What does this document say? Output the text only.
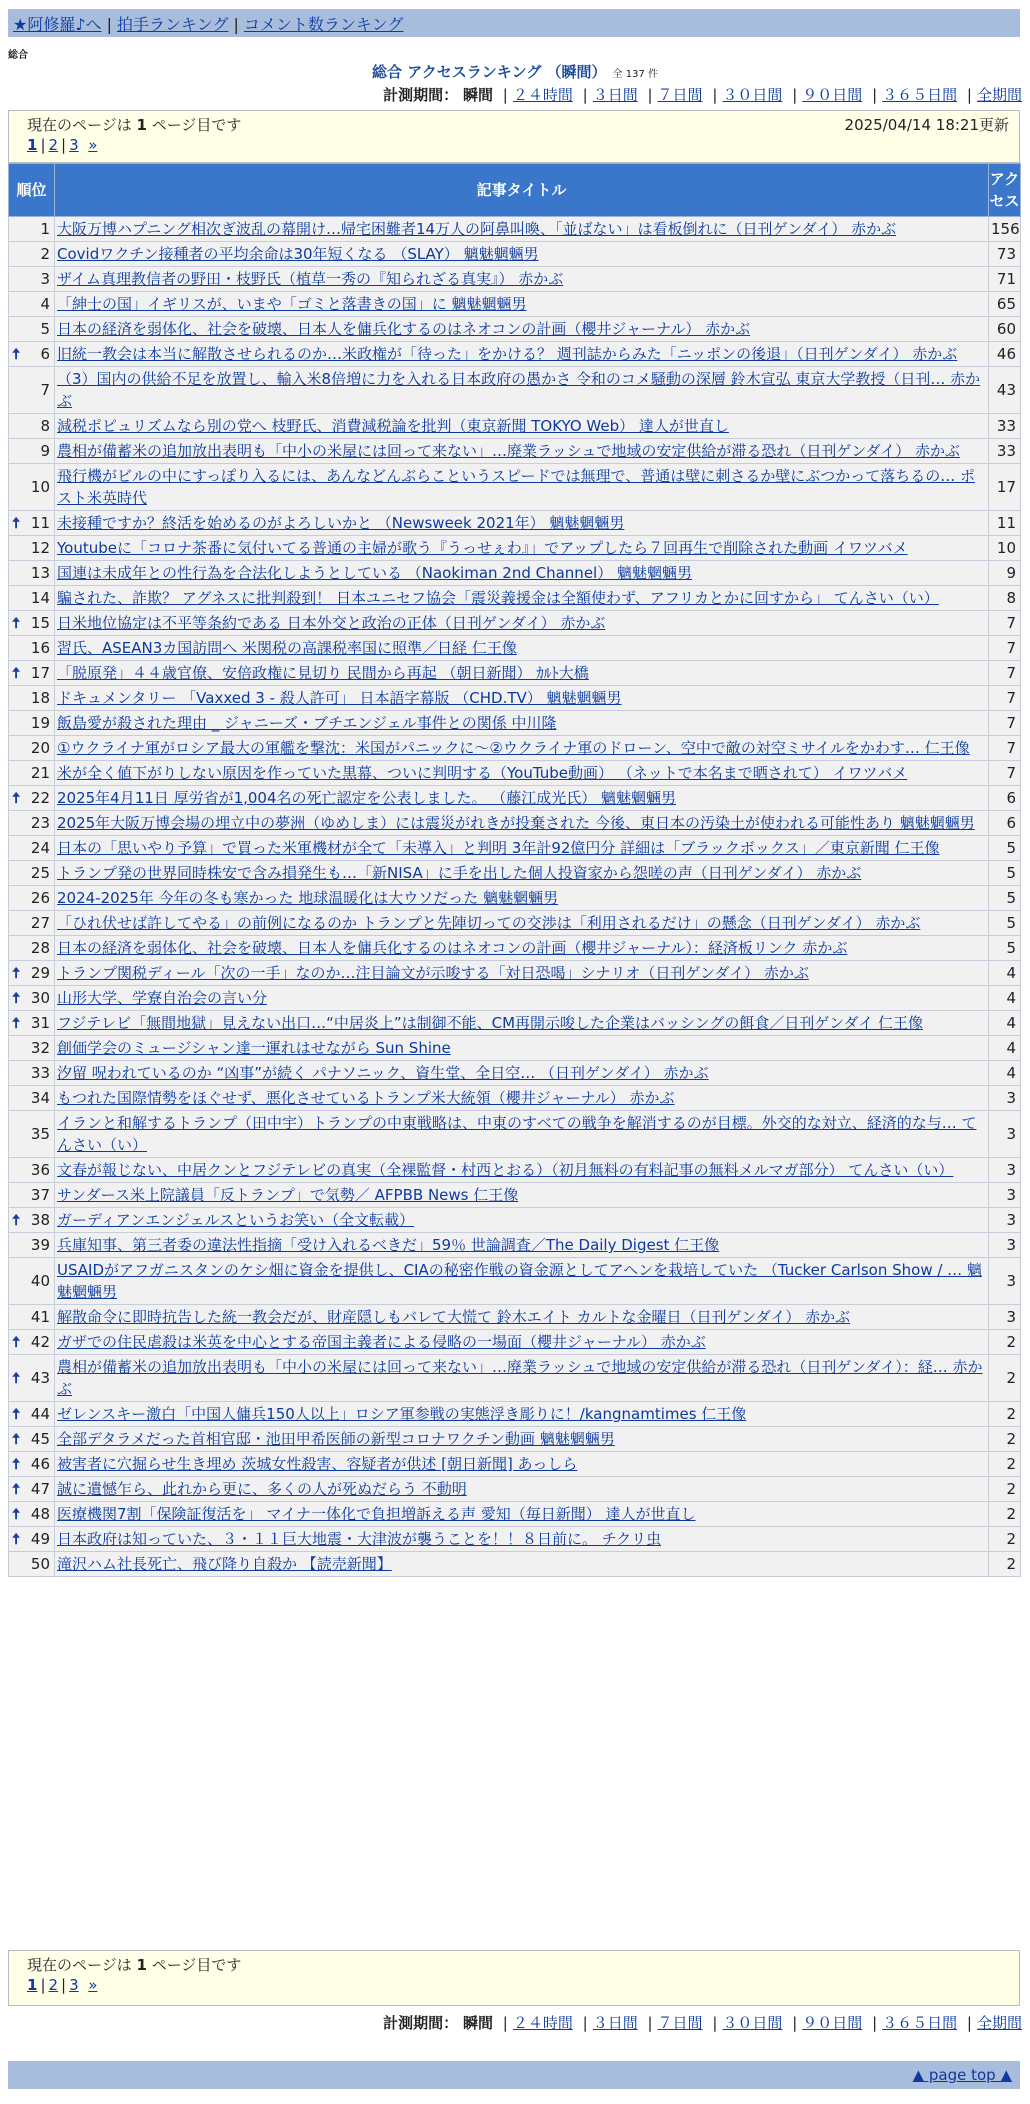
★阿修羅♪へ | 拍手ランキング | コメント数ランキング
総合
総合 アクセスランキング （瞬間） 全 137 件
計測期間： 瞬間 | ２４時間 | ３日間 | ７日間 | ３０日間 | ９０日間 | ３６５日間 | 全期間
現在のページは 1 ページ目です	2025/04/14 18:21更新
1 | 2 | 3 »
順位	記事タイトル	アクセス
1	大阪万博ハプニング相次ぎ波乱の幕開け…帰宅困難者14万人の阿鼻叫喚、「並ばない」は看板倒れに（日刊ゲンダイ） 赤かぶ	156
2	Covidワクチン接種者の平均余命は30年短くなる （SLAY） 魑魅魍魎男	73
3	ザイム真理教信者の野田・枝野氏（植草一秀の『知られざる真実』） 赤かぶ	71
4	「紳士の国」イギリスが、いまや「ゴミと落書きの国」に 魑魅魍魎男	65
5	日本の経済を弱体化、社会を破壊、日本人を傭兵化するのはネオコンの計画（櫻井ジャーナル） 赤かぶ	60

🠅 6	旧統一教会は本当に解散させられるのか…米政権が「待った」をかける？ 週刊誌からみた「ニッポンの後退」（日刊ゲンダイ） 赤かぶ	46
7	（3）国内の供給不足を放置し、輸入米8倍増に力を入れる日本政府の愚かさ 令和のコメ騒動の深層 鈴木宣弘 東京大学教授（日刊… 赤かぶ	43
8	減税ポピュリズムなら別の党へ 枝野氏、消費減税論を批判（東京新聞 TOKYO Web） 達人が世直し	33
9	農相が備蓄米の追加放出表明も「中小の米屋には回って来ない」…廃業ラッシュで地域の安定供給が滞る恐れ（日刊ゲンダイ） 赤かぶ	33
10	飛行機がビルの中にすっぽり入るには、あんなどんぶらこというスピードでは無理で、普通は壁に刺さるか壁にぶつかって落ちるの… ポスト米英時代	17

🠅 11	未接種ですか？終活を始めるのがよろしいかと （Newsweek 2021年） 魑魅魍魎男	11
12	Youtubeに「コロナ茶番に気付いてる普通の主婦が歌う『うっせぇわ』」でアップしたら７回再生で削除された動画 イワツバメ	10
13	国連は未成年との性行為を合法化しようとしている （Naokiman 2nd Channel） 魑魅魍魎男	9
14	騙された、詐欺？ アグネスに批判殺到！ 日本ユニセフ協会「震災義援金は全額使わず、アフリカとかに回すから」 てんさい（い）	8

🠅 15	日米地位協定は不平等条約である 日本外交と政治の正体（日刊ゲンダイ） 赤かぶ	7
16	習氏、ASEAN3カ国訪問へ 米関税の高課税率国に照準／日経 仁王像	7

🠅 17	「脱原発」４４歳官僚、安倍政権に見切り 民間から再起 （朝日新聞） ｶﾙﾄ大橋	7
18	ドキュメンタリー 「Vaxxed 3 - 殺人許可」 日本語字幕版 （CHD.TV） 魑魅魍魎男	7
19	飯島愛が殺された理由 _ ジャニーズ・ブチエンジェル事件との関係 中川隆	7
20	①ウクライナ軍がロシア最大の軍艦を撃沈：米国がパニックに～②ウクライナ軍のドローン、空中で敵の対空ミサイルをかわす… 仁王像	7
21	米が全く値下がりしない原因を作っていた黒幕、ついに判明する（YouTube動画） （ネットで本名まで晒されて） イワツバメ	7

🠅 22	2025年4月11日 厚労省が1,004名の死亡認定を公表しました。 （藤江成光氏） 魑魅魍魎男	6
23	2025年大阪万博会場の埋立中の夢洲（ゆめしま）には震災がれきが投棄された 今後、東日本の汚染土が使われる可能性あり 魑魅魍魎男	6
24	日本の「思いやり予算」で買った米軍機材が全て「未導入」と判明 3年計92億円分 詳細は「ブラックボックス」／東京新聞 仁王像	5
25	トランプ発の世界同時株安で含み損発生も…「新NISA」に手を出した個人投資家から怨嗟の声（日刊ゲンダイ） 赤かぶ	5
26	2024-2025年 今年の冬も寒かった 地球温暖化は大ウソだった 魑魅魍魎男	5
27	「ひれ伏せば許してやる」の前例になるのか トランプと先陣切っての交渉は「利用されるだけ」の懸念（日刊ゲンダイ） 赤かぶ	5
28	日本の経済を弱体化、社会を破壊、日本人を傭兵化するのはネオコンの計画（櫻井ジャーナル）：経済板リンク 赤かぶ	5

🠅 29	トランプ関税ディール「次の一手」なのか…注目論文が示唆する「対日恐喝」シナリオ（日刊ゲンダイ） 赤かぶ	4

🠅 30	山形大学、学寮自治会の言い分	4

🠅 31	フジテレビ「無間地獄」見えない出口…“中居炎上”は制御不能、CM再開示唆した企業はバッシングの餌食／日刊ゲンダイ 仁王像	4
32	創価学会のミュージシャン達一運れはせながら Sun Shine	4
33	汐留 呪われているのか “凶事”が続く パナソニック、資生堂、全日空… （日刊ゲンダイ） 赤かぶ	4
34	もつれた国際情勢をほぐせず、悪化させているトランプ米大統領（櫻井ジャーナル） 赤かぶ	3
35	イランと和解するトランプ（田中宇）トランプの中東戦略は、中東のすべての戦争を解消するのが目標。外交的な対立、経済的な与… てんさい（い）	3
36	文春が報じない、中居クンとフジテレビの真実（全裸監督・村西とおる）（初月無料の有料記事の無料メルマガ部分） てんさい（い）	3
37	サンダース米上院議員「反トランプ」で気勢／ AFPBB News 仁王像	3

🠅 38	ガーディアンエンジェルスというお笑い（全文転載）	3
39	兵庫知事、第三者委の違法性指摘「受け入れるべきだ」59％ 世論調査／The Daily Digest 仁王像	3
40	USAIDがアフガニスタンのケシ畑に資金を提供し、CIAの秘密作戦の資金源としてアヘンを栽培していた （Tucker Carlson Show / … 魑魅魍魎男	3
41	解散命令に即時抗告した統一教会だが、財産隠しもバレて大慌て 鈴木エイト カルトな金曜日（日刊ゲンダイ） 赤かぶ	3

🠅 42	ガザでの住民虐殺は米英を中心とする帝国主義者による侵略の一場面（櫻井ジャーナル） 赤かぶ	2

🠅 43	農相が備蓄米の追加放出表明も「中小の米屋には回って来ない」…廃業ラッシュで地域の安定供給が滞る恐れ（日刊ゲンダイ）：経… 赤かぶ	2

🠅 44	ゼレンスキー激白「中国人傭兵150人以上」ロシア軍参戦の実態浮き彫りに！/kangnamtimes 仁王像	2

🠅 45	全部デタラメだった首相官邸・池田甲希医師の新型コロナワクチン動画 魑魅魍魎男	2

🠅 46	被害者に穴掘らせ生き埋め 茨城女性殺害、容疑者が供述 [朝日新聞] あっしら	2

🠅 47	誠に遺憾乍ら、此れから更に、多くの人が死ぬだらう 不動明	2

🠅 48	医療機関7割「保険証復活を」 マイナ一体化で負担増訴える声 愛知（毎日新聞） 達人が世直し	2

🠅 49	日本政府は知っていた、３・１１巨大地震・大津波が襲うことを！！８日前に。 チクリ虫	2
50	滝沢ハム社長死亡、飛び降り自殺か 【読売新聞】	2
現在のページは 1 ページ目です
1 | 2 | 3 »
計測期間： 瞬間 | ２４時間 | ３日間 | ７日間 | ３０日間 | ９０日間 | ３６５日間 | 全期間
▲ page top ▲
